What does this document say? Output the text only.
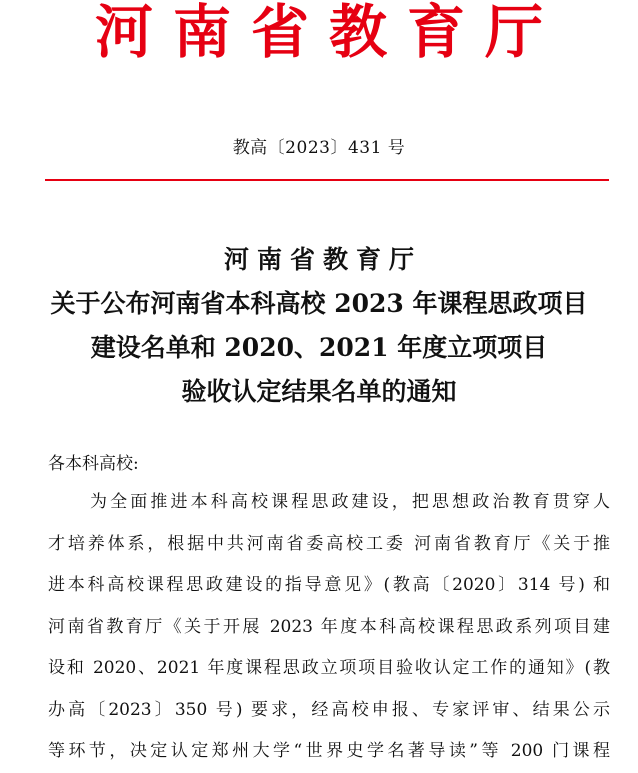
河南省教育厅
教高〔2023〕431 号
河南省教育厅
关于公布河南省本科高校 2023 年课程思政项目
建设名单和 2020、2021 年度立项项目
验收认定结果名单的通知
各本科高校:
为全面推进本科高校课程思政建设，把思想政治教育贯穿人
才培养体系，根据中共河南省委高校工委 河南省教育厅《关于推
进本科高校课程思政建设的指导意见》(教高〔2020〕314 号) 和
河南省教育厅《关于开展 2023 年度本科高校课程思政系列项目建
设和 2020、2021 年度课程思政立项项目验收认定工作的通知》(教
办高〔2023〕350 号) 要求，经高校申报、专家评审、结果公示
等环节，决定认定郑州大学“世界史学名著导读”等 200 门课程
